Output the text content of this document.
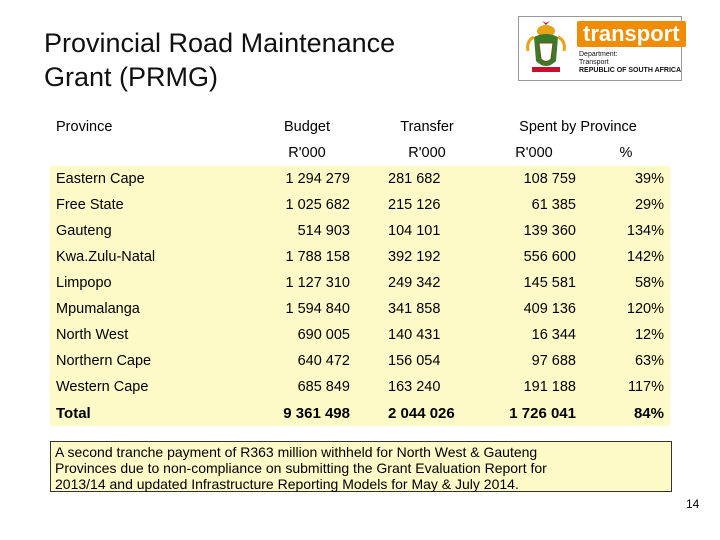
Provincial Road Maintenance
Grant (PRMG)
transport
Department:
Transport
REPUBLIC OF SOUTH AFRICA
Province	Budget	Transfer	Spent by Province	
	R'000	R'000	R'000	%
Eastern Cape	1 294 279	281 682	108 759	39%
Free State	1 025 682	215 126	61 385	29%
Gauteng	514 903	104 101	139 360	134%
Kwa.Zulu-Natal	1 788 158	392 192	556 600	142%
Limpopo	1 127 310	249 342	145 581	58%
Mpumalanga	1 594 840	341 858	409 136	120%
North West	690 005	140 431	16 344	12%
Northern Cape	640 472	156 054	97 688	63%
Western Cape	685 849	163 240	191 188	117%
Total	9 361 498	2 044 026	1 726 041	84%
A second tranche payment of R363 million withheld for North West & Gauteng
Provinces due to non-compliance on submitting the Grant Evaluation Report for
2013/14 and updated Infrastructure Reporting Models for May & July 2014.
14
